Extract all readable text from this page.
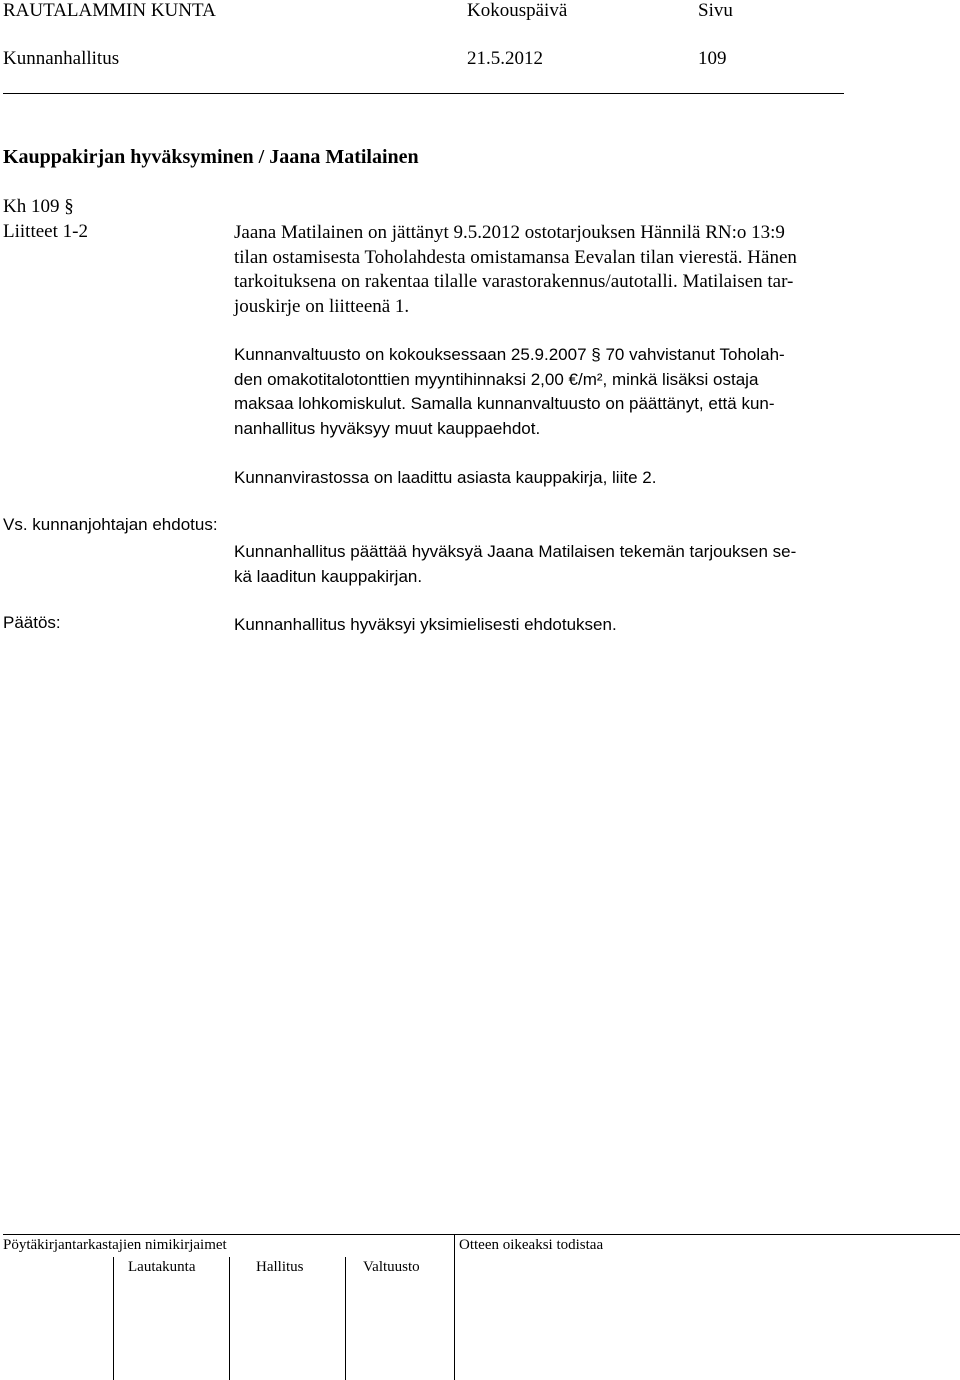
RAUTALAMMIN KUNTA	Kokouspäivä	Sivu
Kunnanhallitus	21.5.2012	109
Kauppakirjan hyväksyminen / Jaana Matilainen
Kh 109 §
Liitteet 1-2	Jaana Matilainen on jättänyt 9.5.2012 ostotarjouksen Hännilä RN:o 13:9
tilan ostamisesta Toholahdesta omistamansa Eevalan tilan vierestä. Hänen
tarkoituksena on rakentaa tilalle varastorakennus/autotalli. Matilaisen tar-
jouskirje on liitteenä 1.
Kunnanvaltuusto on kokouksessaan 25.9.2007 § 70 vahvistanut Toholah-
den omakotitalotonttien myyntihinnaksi 2,00 €/m², minkä lisäksi ostaja
maksaa lohkomiskulut. Samalla kunnanvaltuusto on päättänyt, että kun-
nanhallitus hyväksyy muut kauppaehdot.
Kunnanvirastossa on laadittu asiasta kauppakirja, liite 2.
Vs. kunnanjohtajan ehdotus:
Kunnanhallitus päättää hyväksyä Jaana Matilaisen tekemän tarjouksen se-
kä laaditun kauppakirjan.
Päätös:	Kunnanhallitus hyväksyi yksimielisesti ehdotuksen.
Pöytäkirjantarkastajien nimikirjaimet	Otteen oikeaksi todistaa
Lautakunta	Hallitus	Valtuusto
